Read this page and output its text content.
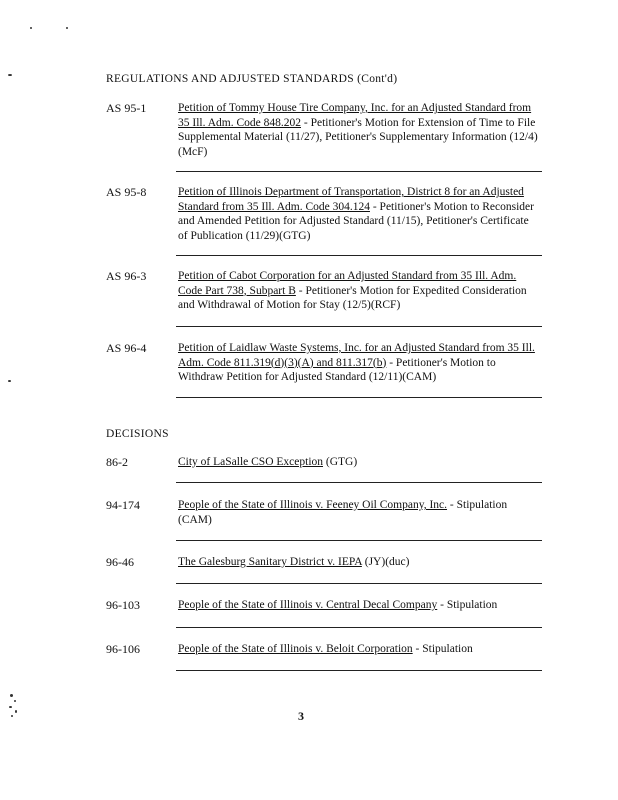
REGULATIONS AND ADJUSTED STANDARDS (Cont'd)
AS 95-1	Petition of Tommy House Tire Company, Inc. for an Adjusted Standard from 35 Ill. Adm. Code 848.202 - Petitioner's Motion for Extension of Time to File Supplemental Material (11/27), Petitioner's Supplementary Information (12/4)(McF)
AS 95-8	Petition of Illinois Department of Transportation, District 8 for an Adjusted Standard from 35 Ill. Adm. Code 304.124 - Petitioner's Motion to Reconsider and Amended Petition for Adjusted Standard (11/15), Petitioner's Certificate of Publication (11/29)(GTG)
AS 96-3	Petition of Cabot Corporation for an Adjusted Standard from 35 Ill. Adm. Code Part 738, Subpart B - Petitioner's Motion for Expedited Consideration and Withdrawal of Motion for Stay (12/5)(RCF)
AS 96-4	Petition of Laidlaw Waste Systems, Inc. for an Adjusted Standard from 35 Ill. Adm. Code 811.319(d)(3)(A) and 811.317(b) - Petitioner's Motion to Withdraw Petition for Adjusted Standard (12/11)(CAM)
DECISIONS
86-2	City of LaSalle CSO Exception (GTG)
94-174	People of the State of Illinois v. Feeney Oil Company, Inc. - Stipulation (CAM)
96-46	The Galesburg Sanitary District v. IEPA (JY)(duc)
96-103	People of the State of Illinois v. Central Decal Company - Stipulation
96-106	People of the State of Illinois v. Beloit Corporation - Stipulation
3
